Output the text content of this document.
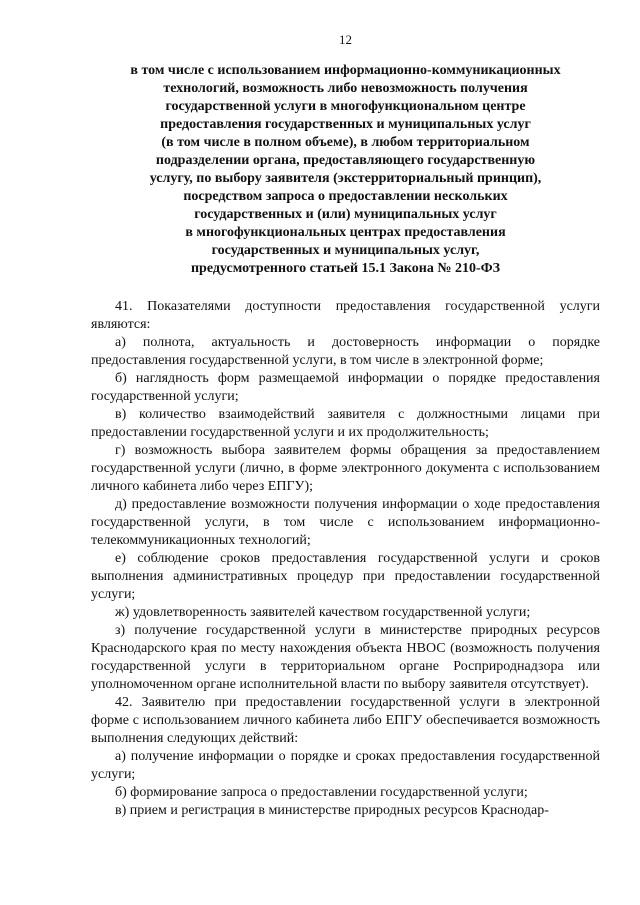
12
в том числе с использованием информационно-коммуникационных
технологий, возможность либо невозможность получения
государственной услуги в многофункциональном центре
предоставления государственных и муниципальных услуг
(в том числе в полном объеме), в любом территориальном
подразделении органа, предоставляющего государственную
услугу, по выбору заявителя (экстерриториальный принцип),
посредством запроса о предоставлении нескольких
государственных и (или) муниципальных услуг
в многофункциональных центрах предоставления
государственных и муниципальных услуг,
предусмотренного статьей 15.1 Закона № 210-ФЗ

41. Показателями доступности предоставления государственной услуги являются:

а) полнота, актуальность и достоверность информации о порядке предоставления государственной услуги, в том числе в электронной форме;

б) наглядность форм размещаемой информации о порядке предоставления государственной услуги;

в) количество взаимодействий заявителя с должностными лицами при предоставлении государственной услуги и их продолжительность;

г) возможность выбора заявителем формы обращения за предоставлением государственной услуги (лично, в форме электронного документа с использованием личного кабинета либо через ЕПГУ);

д) предоставление возможности получения информации о ходе предоставления государственной услуги, в том числе с использованием информационно-телекоммуникационных технологий;

е) соблюдение сроков предоставления государственной услуги и сроков выполнения административных процедур при предоставлении государственной услуги;

ж) удовлетворенность заявителей качеством государственной услуги;

з) получение государственной услуги в министерстве природных ресурсов Краснодарского края по месту нахождения объекта НВОС (возможность получения государственной услуги в территориальном органе Росприроднадзора или уполномоченном органе исполнительной власти по выбору заявителя отсутствует).

42. Заявителю при предоставлении государственной услуги в электронной форме с использованием личного кабинета либо ЕПГУ обеспечивается возможность выполнения следующих действий:

а) получение информации о порядке и сроках предоставления государственной услуги;

б) формирование запроса о предоставлении государственной услуги;

в) прием и регистрация в министерстве природных ресурсов Краснодар-
